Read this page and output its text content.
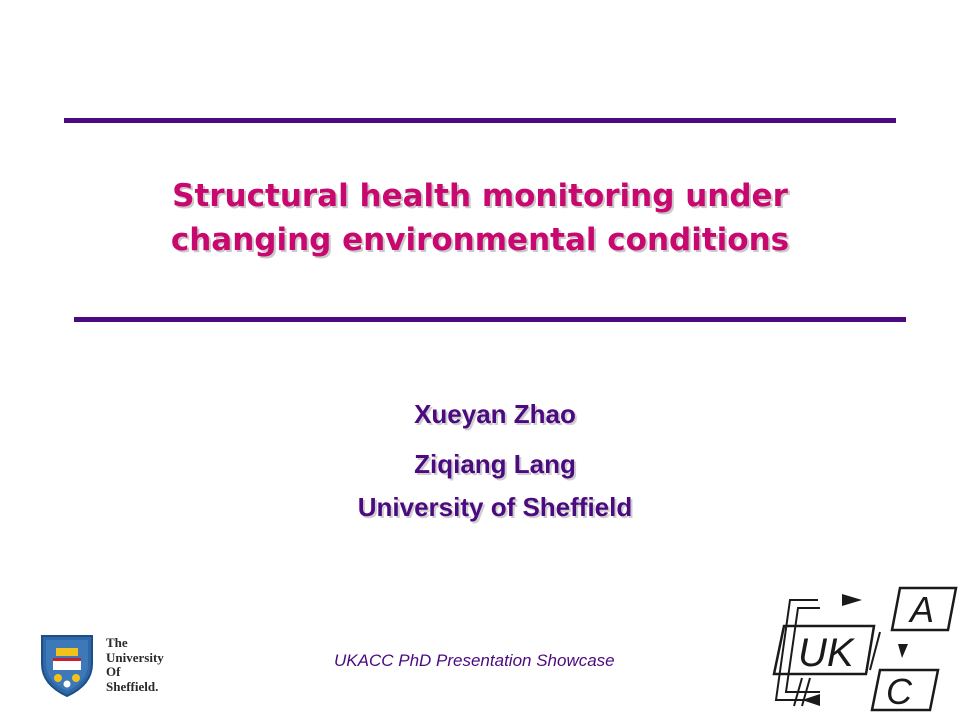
Structural health monitoring under
changing environmental conditions
Xueyan Zhao
Ziqiang Lang
University of Sheffield
UKACC PhD Presentation Showcase
The
University
Of
Sheffield.
A
UK
C
